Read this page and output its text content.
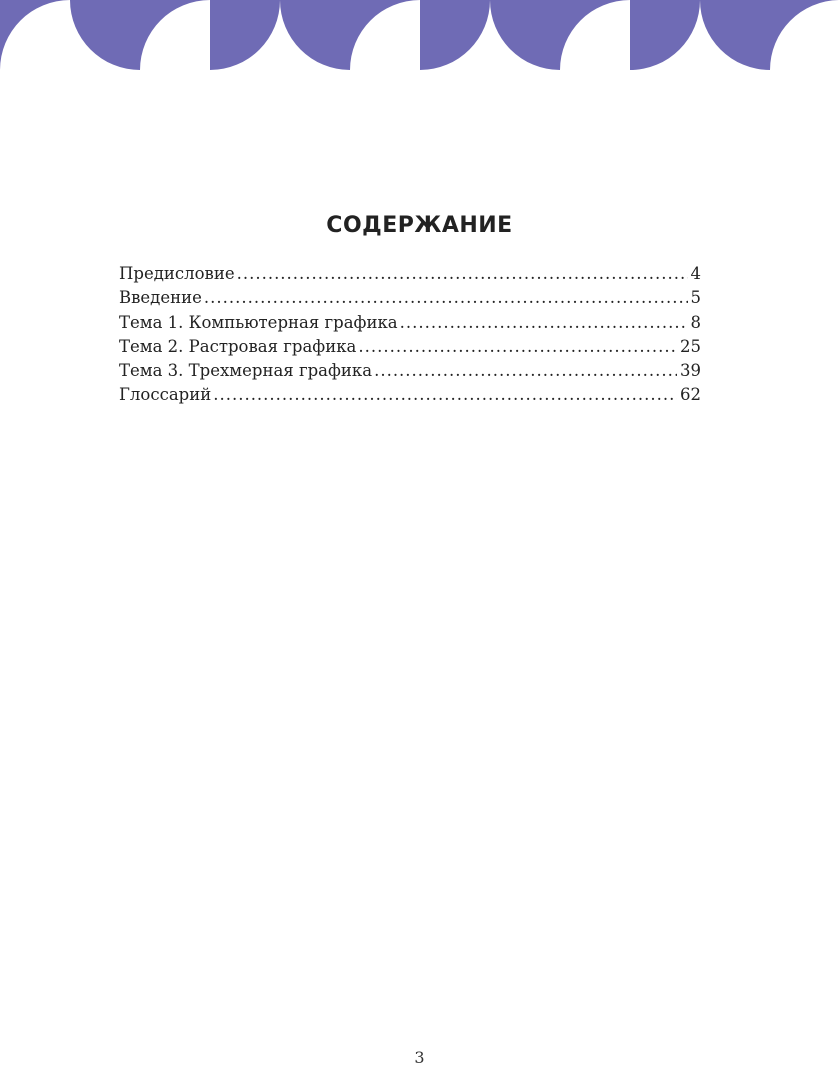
СОДЕРЖАНИЕ
Предисловие .....	4
Введение .....	5
Тема 1. Компьютерная графика .....	8
Тема 2. Растровая графика .....	25
Тема 3. Трехмерная графика .....	39
Глоссарий .....	62
3
